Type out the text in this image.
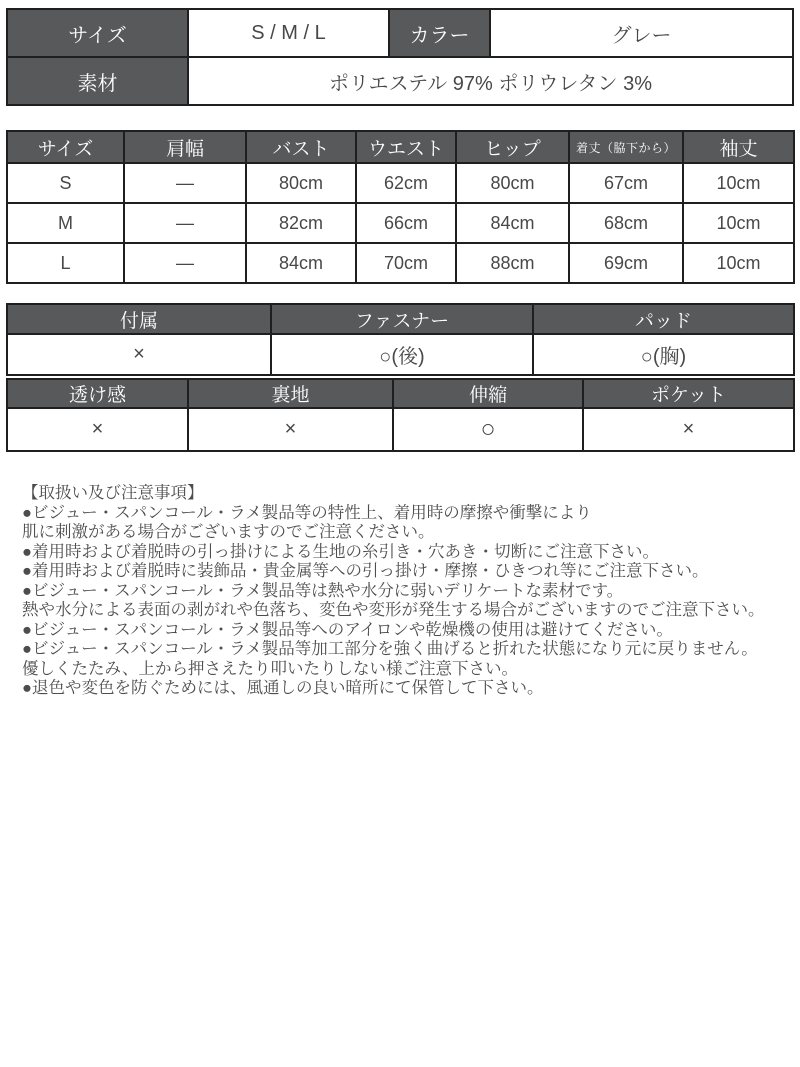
サイズ	S / M / L	カラー	グレー
素材	ポリエステル 97% ポリウレタン 3%		
サイズ	肩幅	バスト	ウエスト	ヒップ	着丈（脇下から）	袖丈
S	—	80cm	62cm	80cm	67cm	10cm
M	—	82cm	66cm	84cm	68cm	10cm
L	—	84cm	70cm	88cm	69cm	10cm
付属	ファスナー	パッド
×	○(後)	○(胸)
透け感	裏地	伸縮	ポケット
×	×	○	×
【取扱い及び注意事項】
●ビジュー・スパンコール・ラメ製品等の特性上、着用時の摩擦や衝撃により
肌に刺激がある場合がございますのでご注意ください。
●着用時および着脱時の引っ掛けによる生地の糸引き・穴あき・切断にご注意下さい。
●着用時および着脱時に装飾品・貴金属等への引っ掛け・摩擦・ひきつれ等にご注意下さい。
●ビジュー・スパンコール・ラメ製品等は熱や水分に弱いデリケートな素材です。
熱や水分による表面の剥がれや色落ち、変色や変形が発生する場合がございますのでご注意下さい。
●ビジュー・スパンコール・ラメ製品等へのアイロンや乾燥機の使用は避けてください。
●ビジュー・スパンコール・ラメ製品等加工部分を強く曲げると折れた状態になり元に戻りません。
優しくたたみ、上から押さえたり叩いたりしない様ご注意下さい。
●退色や変色を防ぐためには、風通しの良い暗所にて保管して下さい。
